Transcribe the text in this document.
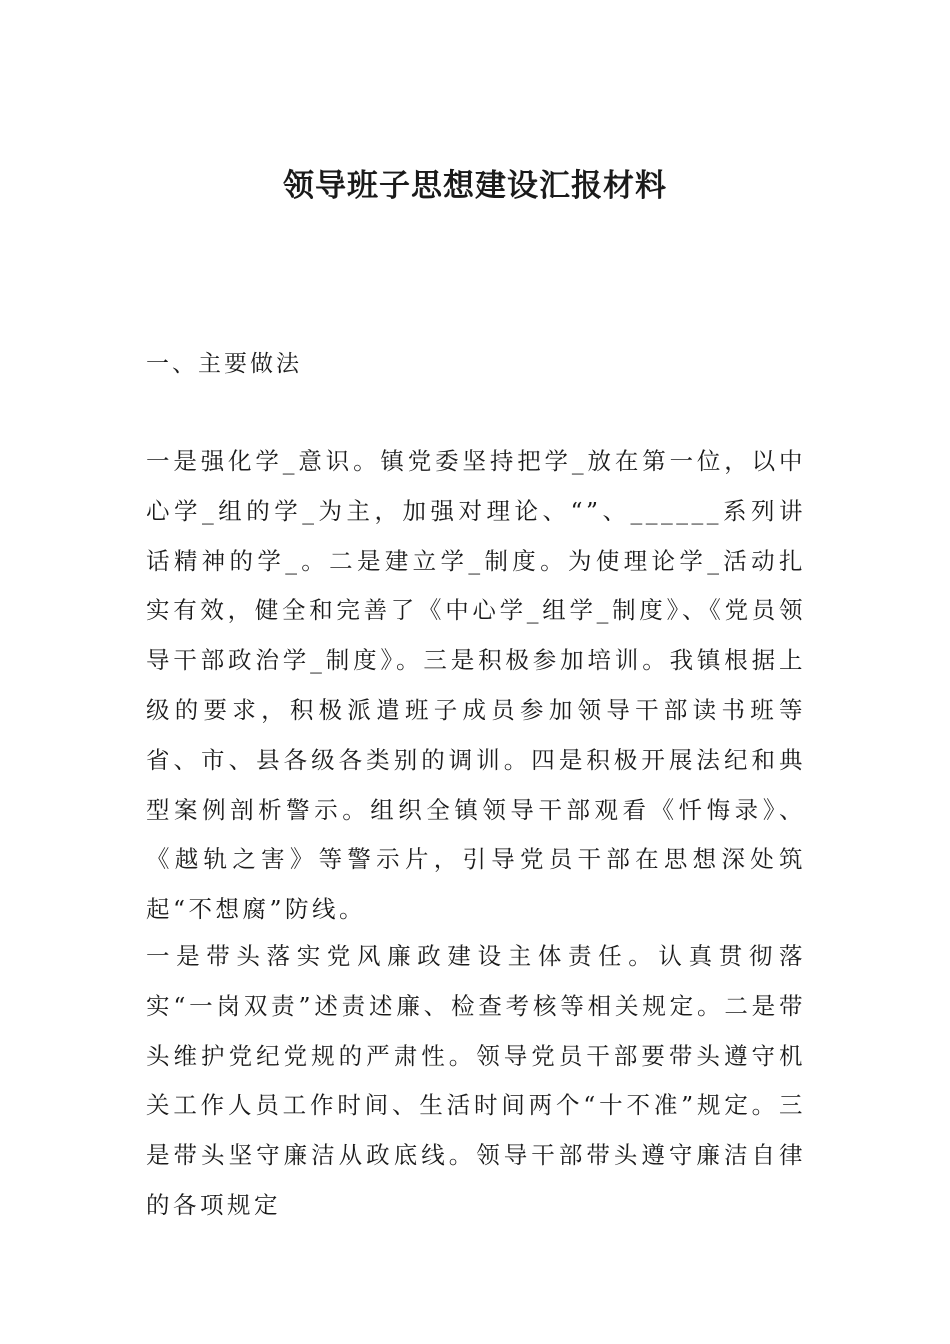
领导班子思想建设汇报材料

一、主要做法

一是强化学_意识。镇党委坚持把学_放在第一位，以中心学_组的学_为主，加强对理论、“”、______系列讲话精神的学_。二是建立学_制度。为使理论学_活动扎实有效，健全和完善了《中心学_组学_制度》、《党员领导干部政治学_制度》。三是积极参加培训。我镇根据上级的要求，积极派遣班子成员参加领导干部读书班等省、市、县各级各类别的调训。四是积极开展法纪和典型案例剖析警示。组织全镇领导干部观看《忏悔录》、《越轨之害》等警示片，引导党员干部在思想深处筑起“不想腐”防线。

一是带头落实党风廉政建设主体责任。认真贯彻落实“一岗双责”述责述廉、检查考核等相关规定。二是带头维护党纪党规的严肃性。领导党员干部要带头遵守机关工作人员工作时间、生活时间两个“十不准”规定。三是带头坚守廉洁从政底线。领导干部带头遵守廉洁自律的各项规定
